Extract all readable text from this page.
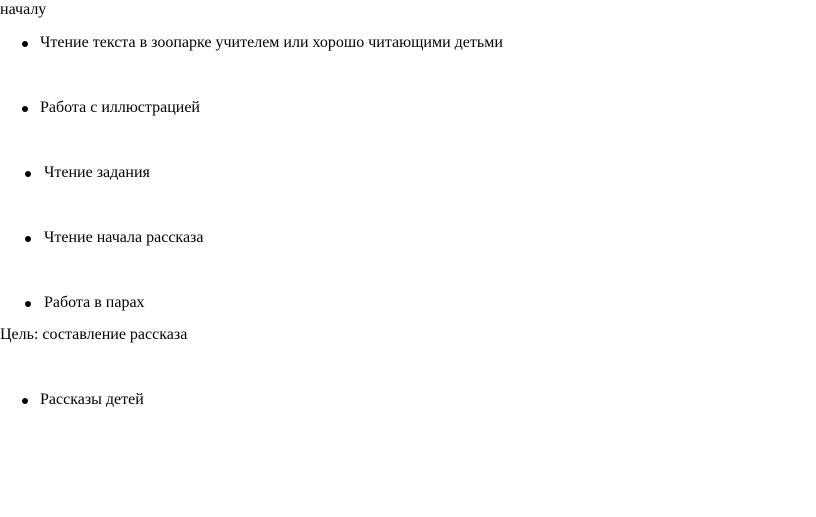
началу
Чтение текста в зоопарке учителем или хорошо читающими детьми
Работа с иллюстрацией
Чтение задания
Чтение начала рассказа
Работа в парах
Цель: составление рассказа
Рассказы детей
